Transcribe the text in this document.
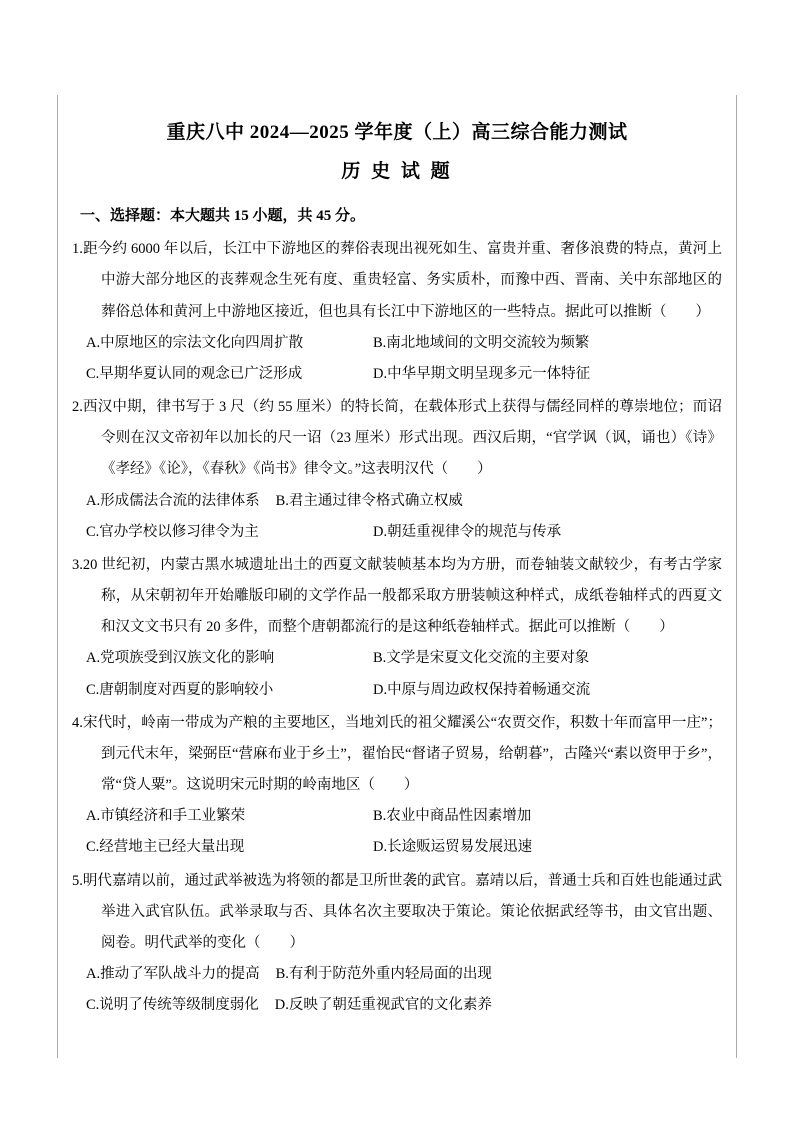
重庆八中 2024—2025 学年度（上）高三综合能力测试
历 史 试 题

一、选择题：本大题共 15 小题，共 45 分。

1.距今约 6000 年以后，长江中下游地区的葬俗表现出视死如生、富贵并重、奢侈浪费的特点，黄河上中游大部分地区的丧葬观念生死有度、重贵轻富、务实质朴，而豫中西、晋南、关中东部地区的葬俗总体和黄河上中游地区接近，但也具有长江中下游地区的一些特点。据此可以推断（　　）

A.中原地区的宗法文化向四周扩散	B.南北地域间的文明交流较为频繁
C.早期华夏认同的观念已广泛形成	D.中华早期文明呈现多元一体特征

2.西汉中期，律书写于 3 尺（约 55 厘米）的特长简，在载体形式上获得与儒经同样的尊崇地位；而诏令则在汉文帝初年以加长的尺一诏（23 厘米）形式出现。西汉后期，“官学讽（讽，诵也）《诗》《孝经》《论》，《春秋》《尚书》律令文。”这表明汉代（　　）

A.形成儒法合流的法律体系 B.君主通过律令格式确立权威
C.官办学校以修习律令为主	D.朝廷重视律令的规范与传承

3.20 世纪初，内蒙古黑水城遗址出土的西夏文献装帧基本均为方册，而卷轴装文献较少，有考古学家称，从宋朝初年开始雕版印刷的文学作品一般都采取方册装帧这种样式，成纸卷轴样式的西夏文和汉文文书只有 20 多件，而整个唐朝都流行的是这种纸卷轴样式。据此可以推断（　　）

A.党项族受到汉族文化的影响	B.文学是宋夏文化交流的主要对象
C.唐朝制度对西夏的影响较小	D.中原与周边政权保持着畅通交流

4.宋代时，岭南一带成为产粮的主要地区，当地刘氏的祖父耀溪公“农贾交作，积数十年而富甲一庄”；到元代末年，梁弼臣“营麻布业于乡土”，翟怡民“督诸子贸易，给朝暮”，古隆兴“素以资甲于乡”，常“贷人粟”。这说明宋元时期的岭南地区（　　）

A.市镇经济和手工业繁荣	B.农业中商品性因素增加
C.经营地主已经大量出现	D.长途贩运贸易发展迅速

5.明代嘉靖以前，通过武举被选为将领的都是卫所世袭的武官。嘉靖以后，普通士兵和百姓也能通过武举进入武官队伍。武举录取与否、具体名次主要取决于策论。策论依据武经等书，由文官出题、阅卷。明代武举的变化（　　）

A.推动了军队战斗力的提高 B.有利于防范外重内轻局面的出现
C.说明了传统等级制度弱化 D.反映了朝廷重视武官的文化素养
